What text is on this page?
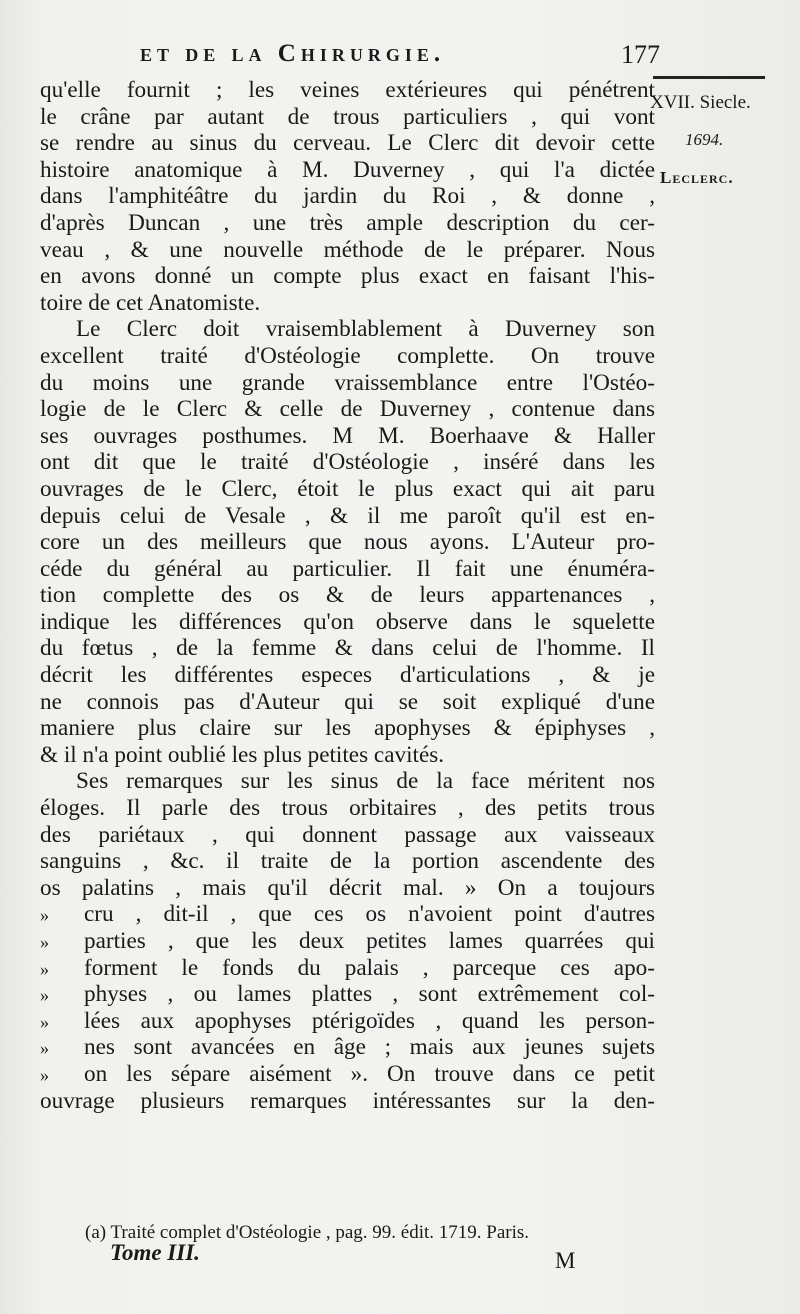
et de la Chirurgie.	177
XVII. Siecle.
1694.
Leclerc.
qu'elle fournit ; les veines extérieures qui pénétrent
le crâne par autant de trous particuliers , qui vont
se rendre au sinus du cerveau. Le Clerc dit devoir cette
histoire anatomique à M. Duverney , qui l'a dictée
dans l'amphitéâtre du jardin du Roi , & donne ,
d'après Duncan , une très ample description du cer-
veau , & une nouvelle méthode de le préparer. Nous
en avons donné un compte plus exact en faisant l'his-
toire de cet Anatomiste.
Le Clerc doit vraisemblablement à Duverney son
excellent traité d'Ostéologie complette. On trouve
du moins une grande vraissemblance entre l'Ostéo-
logie de le Clerc & celle de Duverney , contenue dans
ses ouvrages posthumes. M M. Boerhaave & Haller
ont dit que le traité d'Ostéologie , inséré dans les
ouvrages de le Clerc, étoit le plus exact qui ait paru
depuis celui de Vesale , & il me paroît qu'il est en-
core un des meilleurs que nous ayons. L'Auteur pro-
céde du général au particulier. Il fait une énuméra-
tion complette des os & de leurs appartenances ,
indique les différences qu'on observe dans le squelette
du fœtus , de la femme & dans celui de l'homme. Il
décrit les différentes especes d'articulations , & je
ne connois pas d'Auteur qui se soit expliqué d'une
maniere plus claire sur les apophyses & épiphyses ,
& il n'a point oublié les plus petites cavités.
Ses remarques sur les sinus de la face méritent nos
éloges. Il parle des trous orbitaires , des petits trous
des pariétaux , qui donnent passage aux vaisseaux
sanguins , &c. il traite de la portion ascendente des
os palatins , mais qu'il décrit mal. » On a toujours
» cru , dit-il , que ces os n'avoient point d'autres
» parties , que les deux petites lames quarrées qui
» forment le fonds du palais , parceque ces apo-
» physes , ou lames plattes , sont extrêmement col-
» lées aux apophyses ptérigoïdes , quand les person-
» nes sont avancées en âge ; mais aux jeunes sujets
» on les sépare aisément ». On trouve dans ce petit
ouvrage plusieurs remarques intéressantes sur la den-
(a) Traité complet d'Ostéologie , pag. 99. édit. 1719. Paris.
Tome III.	M
